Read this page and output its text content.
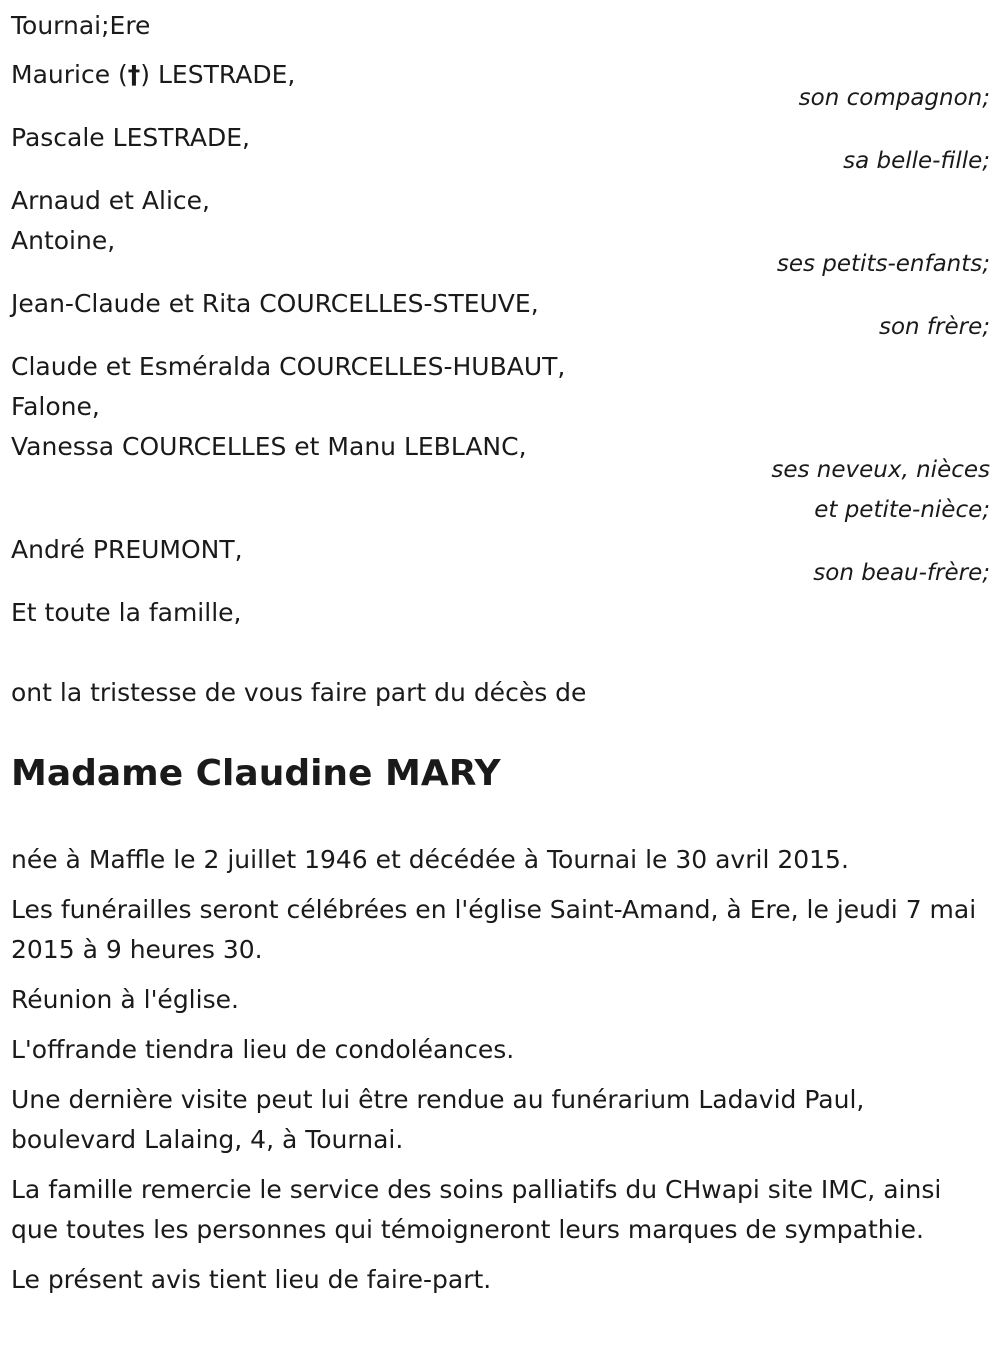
Tournai;Ere

Maurice (†) LESTRADE,

son compagnon;

Pascale LESTRADE,

sa belle-fille;

Arnaud et Alice,

Antoine,

ses petits-enfants;

Jean-Claude et Rita COURCELLES-STEUVE,

son frère;

Claude et Esméralda COURCELLES-HUBAUT,

Falone,

Vanessa COURCELLES et Manu LEBLANC,

ses neveux, nièces

et petite-nièce;

André PREUMONT,

son beau-frère;

Et toute la famille,

ont la tristesse de vous faire part du décès de

Madame Claudine MARY

née à Maffle le 2 juillet 1946 et décédée à Tournai le 30 avril 2015.

Les funérailles seront célébrées en l'église Saint-Amand, à Ere, le jeudi 7 mai 2015 à 9 heures 30.

Réunion à l'église.

L'offrande tiendra lieu de condoléances.

Une dernière visite peut lui être rendue au funérarium Ladavid Paul, boulevard Lalaing, 4, à Tournai.

La famille remercie le service des soins palliatifs du CHwapi site IMC, ainsi que toutes les personnes qui témoigneront leurs marques de sympathie.

Le présent avis tient lieu de faire-part.
